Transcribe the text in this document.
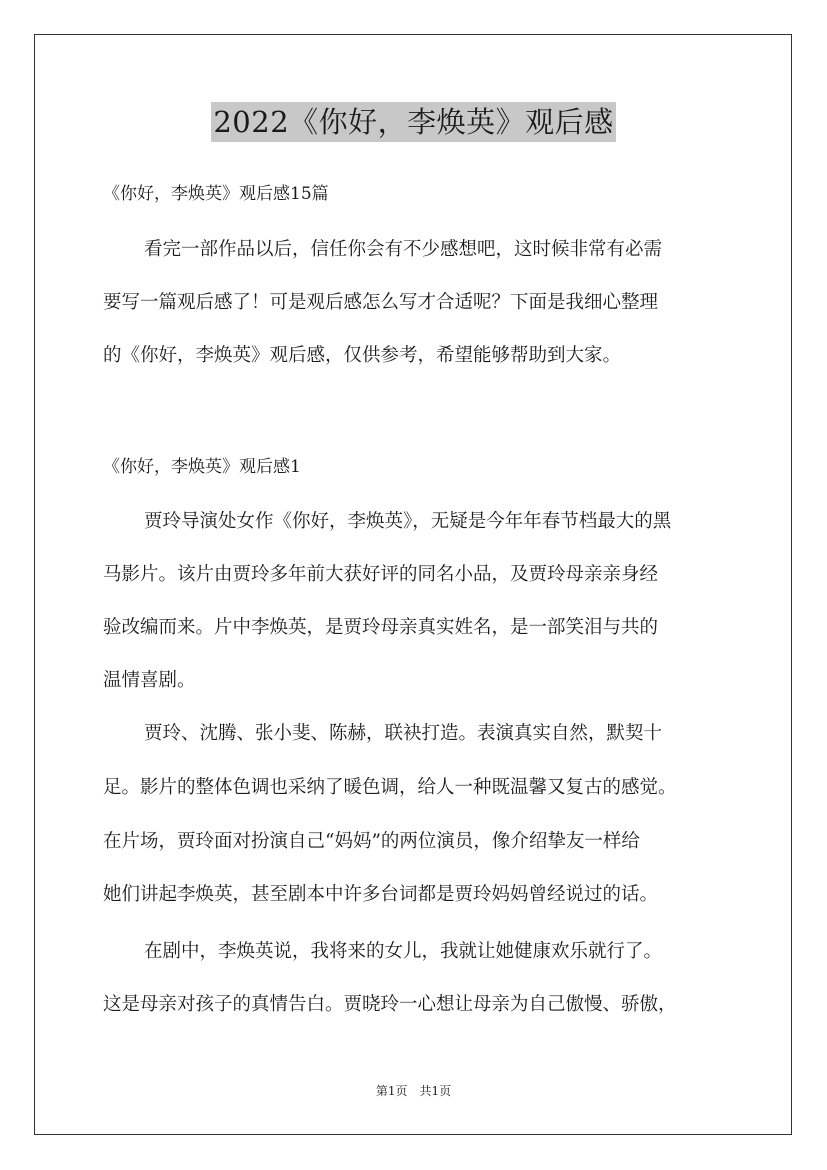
2022《你好，李焕英》观后感
《你好，李焕英》观后感15篇
看完一部作品以后，信任你会有不少感想吧，这时候非常有必需
要写一篇观后感了！可是观后感怎么写才合适呢？下面是我细心整理
的《你好，李焕英》观后感，仅供参考，希望能够帮助到大家。
《你好，李焕英》观后感1
贾玲导演处女作《你好，李焕英》，无疑是今年年春节档最大的黑
马影片。该片由贾玲多年前大获好评的同名小品，及贾玲母亲亲身经
验改编而来。片中李焕英，是贾玲母亲真实姓名，是一部笑泪与共的
温情喜剧。
贾玲、沈腾、张小斐、陈赫，联袂打造。表演真实自然，默契十
足。影片的整体色调也采纳了暖色调，给人一种既温馨又复古的感觉。
在片场，贾玲面对扮演自己“妈妈”的两位演员，像介绍挚友一样给
她们讲起李焕英，甚至剧本中许多台词都是贾玲妈妈曾经说过的话。
在剧中，李焕英说，我将来的女儿，我就让她健康欢乐就行了。
这是母亲对孩子的真情告白。贾晓玲一心想让母亲为自己傲慢、骄傲，
第1页　共1页
